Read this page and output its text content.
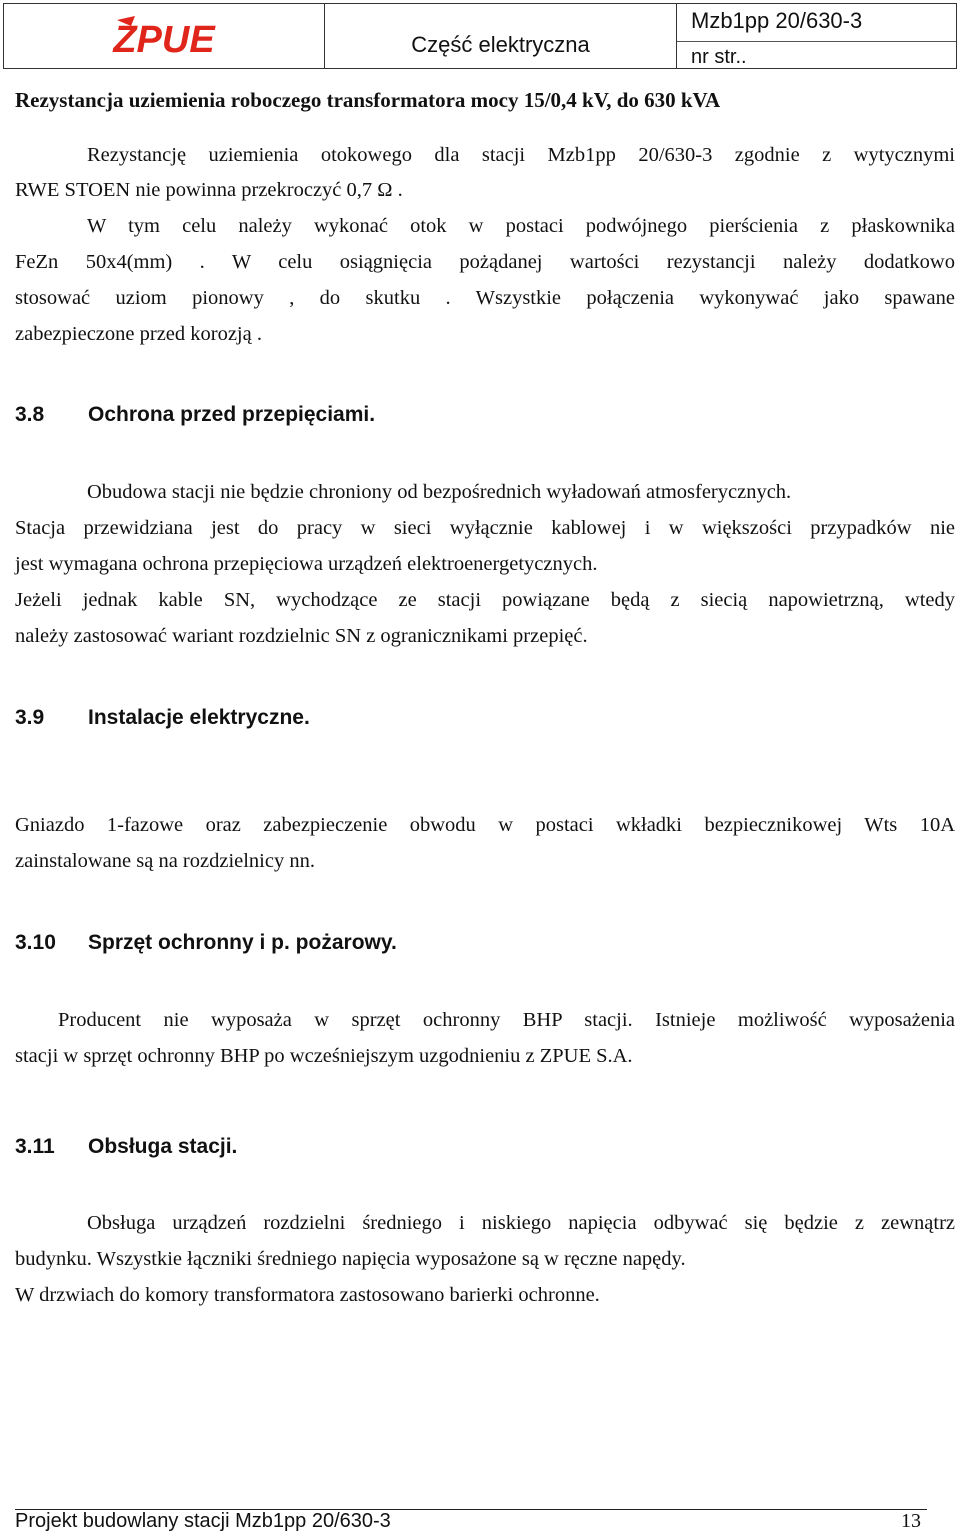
ZPUE	Część elektryczna
Mzb1pp 20/630-3
nr str..

Rezystancja uziemienia roboczego transformatora mocy 15/0,4 kV, do 630 kVA

Rezystancję uziemienia otokowego dla stacji Mzb1pp 20/630-3 zgodnie z wytycznymi

RWE STOEN nie powinna przekroczyć 0,7 Ω .

W tym celu należy wykonać otok w postaci podwójnego pierścienia z płaskownika

FeZn 50x4(mm) . W celu osiągnięcia pożądanej wartości rezystancji należy dodatkowo

stosować uziom pionowy , do skutku . Wszystkie połączenia wykonywać jako spawane

zabezpieczone przed korozją .

3.8 Ochrona przed przepięciami.

Obudowa stacji nie będzie chroniony od bezpośrednich wyładowań atmosferycznych.

Stacja przewidziana jest do pracy w sieci wyłącznie kablowej i w większości przypadków nie

jest wymagana ochrona przepięciowa urządzeń elektroenergetycznych.

Jeżeli jednak kable SN, wychodzące ze stacji powiązane będą z siecią napowietrzną, wtedy

należy zastosować wariant rozdzielnic SN z ogranicznikami przepięć.

3.9 Instalacje elektryczne.

Gniazdo 1-fazowe oraz zabezpieczenie obwodu w postaci wkładki bezpiecznikowej Wts 10A

zainstalowane są na rozdzielnicy nn.

3.10 Sprzęt ochronny i p. pożarowy.

Producent nie wyposaża w sprzęt ochronny BHP stacji. Istnieje możliwość wyposażenia

stacji w sprzęt ochronny BHP po wcześniejszym uzgodnieniu z ZPUE S.A.

3.11 Obsługa stacji.

Obsługa urządzeń rozdzielni średniego i niskiego napięcia odbywać się będzie z zewnątrz

budynku. Wszystkie łączniki średniego napięcia wyposażone są w ręczne napędy.

W drzwiach do komory transformatora zastosowano barierki ochronne.

Projekt budowlany stacji Mzb1pp 20/630-3	13
